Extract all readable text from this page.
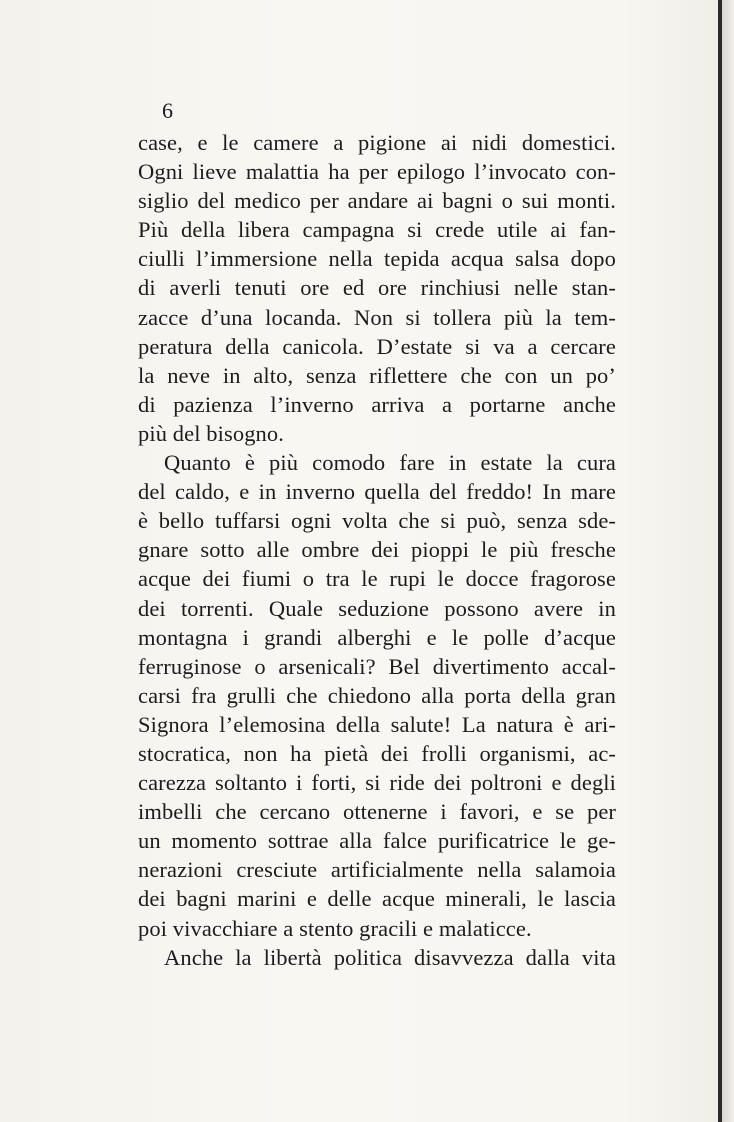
6
case, e le camere a pigione ai nidi domestici.
Ogni lieve malattia ha per epilogo l’invocato con-
siglio del medico per andare ai bagni o sui monti.
Più della libera campagna si crede utile ai fan-
ciulli l’immersione nella tepida acqua salsa dopo
di averli tenuti ore ed ore rinchiusi nelle stan-
zacce d’una locanda. Non si tollera più la tem-
peratura della canicola. D’estate si va a cercare
la neve in alto, senza riflettere che con un po’
di pazienza l’inverno arriva a portarne anche
più del bisogno.
Quanto è più comodo fare in estate la cura
del caldo, e in inverno quella del freddo! In mare
è bello tuffarsi ogni volta che si può, senza sde-
gnare sotto alle ombre dei pioppi le più fresche
acque dei fiumi o tra le rupi le docce fragorose
dei torrenti. Quale seduzione possono avere in
montagna i grandi alberghi e le polle d’acque
ferruginose o arsenicali? Bel divertimento accal-
carsi fra grulli che chiedono alla porta della gran
Signora l’elemosina della salute! La natura è ari-
stocratica, non ha pietà dei frolli organismi, ac-
carezza soltanto i forti, si ride dei poltroni e degli
imbelli che cercano ottenerne i favori, e se per
un momento sottrae alla falce purificatrice le ge-
nerazioni cresciute artificialmente nella salamoia
dei bagni marini e delle acque minerali, le lascia
poi vivacchiare a stento gracili e malaticce.
Anche la libertà politica disavvezza dalla vita
